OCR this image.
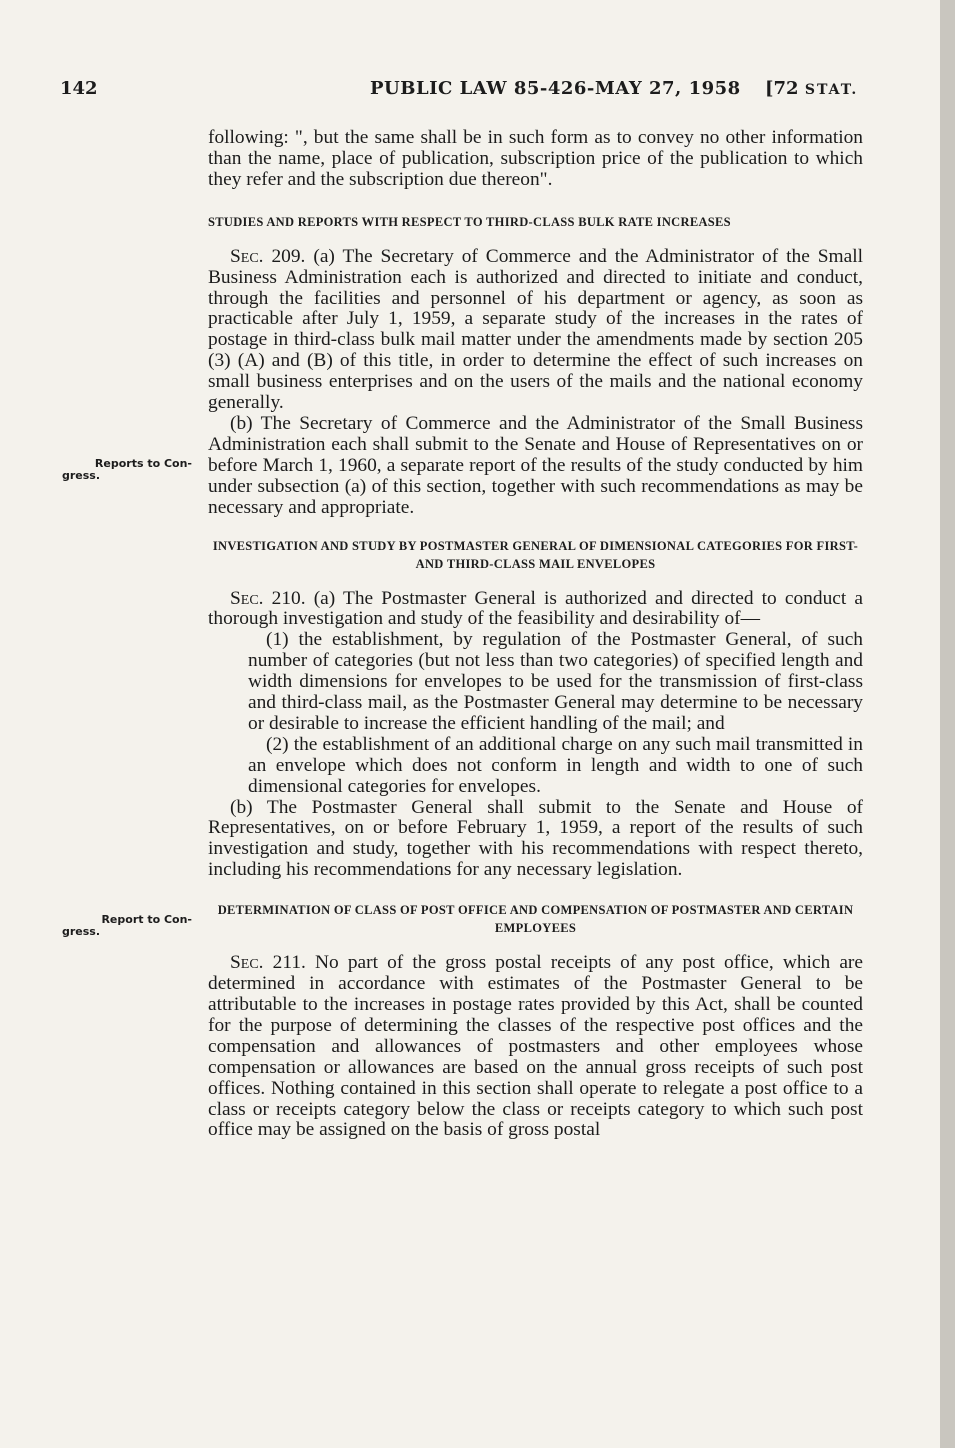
142	PUBLIC LAW 85-426-MAY 27, 1958 [72 STAT.
Reports to Con-
gress.
Report to Con-
gress.

following: ", but the same shall be in such form as to convey no other information than the name, place of publication, subscription price of the publication to which they refer and the subscription due thereon".

STUDIES AND REPORTS WITH RESPECT TO THIRD-CLASS BULK RATE INCREASES

Sec. 209. (a) The Secretary of Commerce and the Administrator of the Small Business Administration each is authorized and directed to initiate and conduct, through the facilities and personnel of his department or agency, as soon as practicable after July 1, 1959, a separate study of the increases in the rates of postage in third-class bulk mail matter under the amendments made by section 205 (3) (A) and (B) of this title, in order to determine the effect of such increases on small business enterprises and on the users of the mails and the national economy generally.

(b) The Secretary of Commerce and the Administrator of the Small Business Administration each shall submit to the Senate and House of Representatives on or before March 1, 1960, a separate report of the results of the study conducted by him under subsection (a) of this section, together with such recommendations as may be necessary and appropriate.

INVESTIGATION AND STUDY BY POSTMASTER GENERAL OF DIMENSIONAL CATEGORIES FOR FIRST- AND THIRD-CLASS MAIL ENVELOPES

Sec. 210. (a) The Postmaster General is authorized and directed to conduct a thorough investigation and study of the feasibility and desirability of—

(1) the establishment, by regulation of the Postmaster General, of such number of categories (but not less than two categories) of specified length and width dimensions for envelopes to be used for the transmission of first-class and third-class mail, as the Postmaster General may determine to be necessary or desirable to increase the efficient handling of the mail; and

(2) the establishment of an additional charge on any such mail transmitted in an envelope which does not conform in length and width to one of such dimensional categories for envelopes.

(b) The Postmaster General shall submit to the Senate and House of Representatives, on or before February 1, 1959, a report of the results of such investigation and study, together with his recommendations with respect thereto, including his recommendations for any necessary legislation.

DETERMINATION OF CLASS OF POST OFFICE AND COMPENSATION OF POSTMASTER AND CERTAIN EMPLOYEES

Sec. 211. No part of the gross postal receipts of any post office, which are determined in accordance with estimates of the Postmaster General to be attributable to the increases in postage rates provided by this Act, shall be counted for the purpose of determining the classes of the respective post offices and the compensation and allowances of postmasters and other employees whose compensation or allowances are based on the annual gross receipts of such post offices. Nothing contained in this section shall operate to relegate a post office to a class or receipts category below the class or receipts category to which such post office may be assigned on the basis of gross postal
